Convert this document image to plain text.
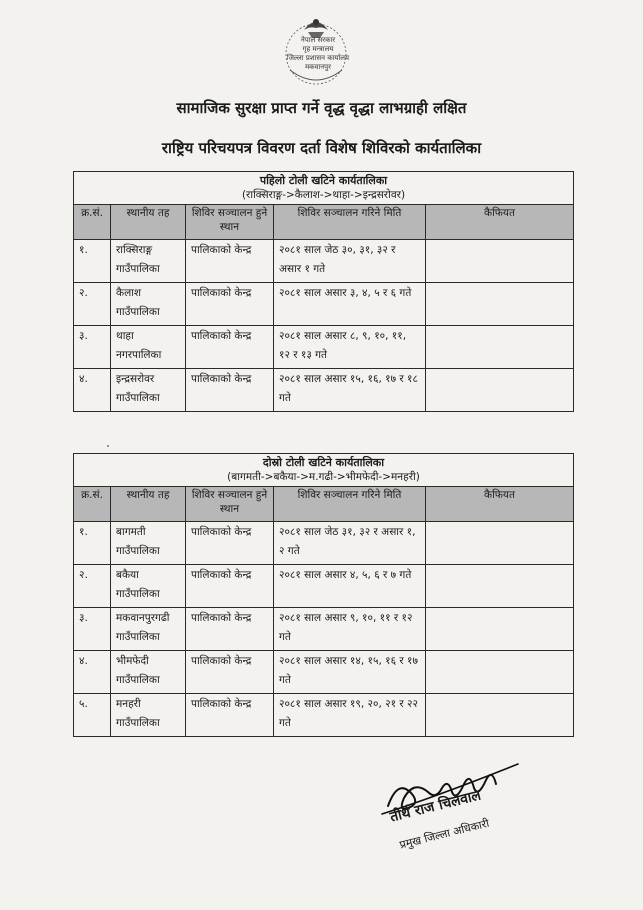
नेपाल सरकार
गृह मन्त्रालय
जिल्ला प्रशासन कार्यालय
मकवानपुर
सामाजिक सुरक्षा प्राप्त गर्ने वृद्ध वृद्धा लाभग्राही लक्षित
राष्ट्रिय परिचयपत्र विवरण दर्ता विशेष शिविरको कार्यतालिका
पहिलो टोली खटिने कार्यतालिका
(राक्सिराङ्ग->कैलाश->थाहा->इन्द्रसरोवर)				
क्र.सं.	स्थानीय तह	शिविर सञ्चालन हुने स्थान	शिविर सञ्चालन गरिने मिति	कैफियत
१.	राक्सिराङ्ग गाउँपालिका	पालिकाको केन्द्र	२०८१ साल जेठ ३०, ३१, ३२ र असार १ गते	
२.	कैलाश गाउँपालिका	पालिकाको केन्द्र	२०८१ साल असार ३, ४, ५ र ६ गते	
३.	थाहा नगरपालिका	पालिकाको केन्द्र	२०८१ साल असार ८, ९, १०, ११, १२ र १३ गते	
४.	इन्द्रसरोवर गाउँपालिका	पालिकाको केन्द्र	२०८१ साल असार १५, १६, १७ र १८ गते	
दोस्रो टोली खटिने कार्यतालिका
(बागमती->बकैया->म.गढी->भीमफेदी->मनहरी)				
क्र.सं.	स्थानीय तह	शिविर सञ्चालन हुने स्थान	शिविर सञ्चालन गरिने मिति	कैफियत
१.	बागमती गाउँपालिका	पालिकाको केन्द्र	२०८१ साल जेठ ३१, ३२ र असार १, २ गते	
२.	बकैया गाउँपालिका	पालिकाको केन्द्र	२०८१ साल असार ४, ५, ६ र ७ गते	
३.	मकवानपुरगढी गाउँपालिका	पालिकाको केन्द्र	२०८१ साल असार ९, १०, ११ र १२ गते	
४.	भीमफेदी गाउँपालिका	पालिकाको केन्द्र	२०८१ साल असार १४, १५, १६ र १७ गते	
५.	मनहरी गाउँपालिका	पालिकाको केन्द्र	२०८१ साल असार १९, २०, २१ र २२ गते	
तीर्थ राज चिलवाल
प्रमुख जिल्ला अधिकारी
